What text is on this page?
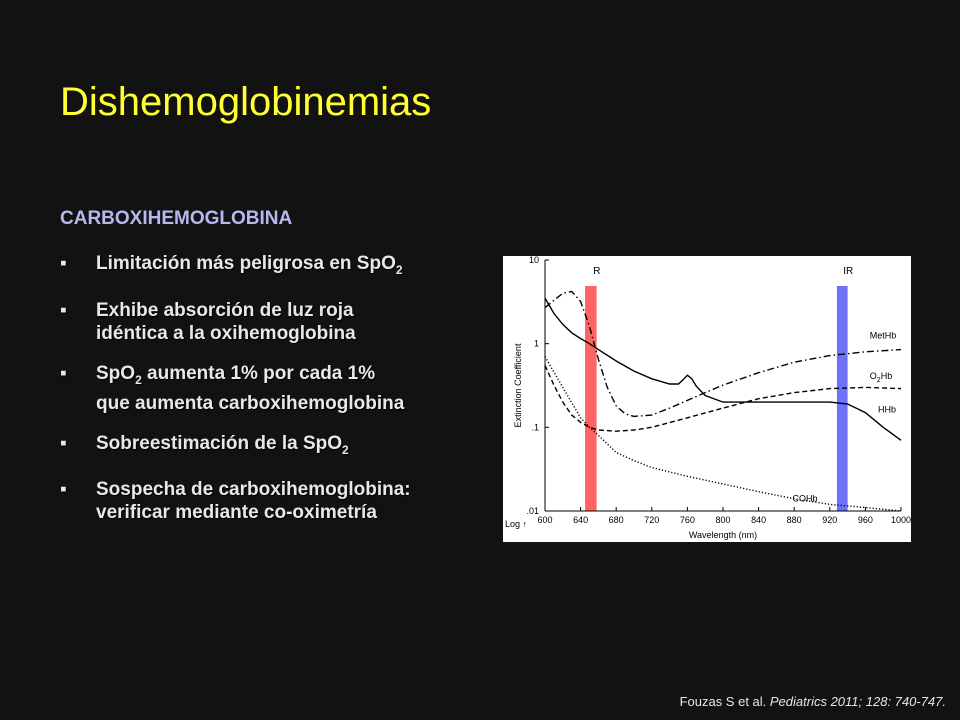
Dishemoglobinemias
CARBOXIHEMOGLOBINA
▪ Limitación más peligrosa en SpO$_2$
▪ Exhibe absorción de luz roja
idéntica a la oxihemoglobina
▪ SpO$_2$ aumenta 1% por cada 1%
que aumenta carboxihemoglobina
▪ Sobreestimación de la SpO$_2$
▪ Sospecha de carboxihemoglobina:
verificar mediante co-oximetría
R	IR
10
1
.1
.01
600 640 680 720 760 800 840 880 920 960 1000
Wavelength (nm)
Extinction Coefficient
Log ↑
MetHb
$O_2Hb$
HHb
COHb
Fouzas S et al. Pediatrics 2011; 128: 740-747.
